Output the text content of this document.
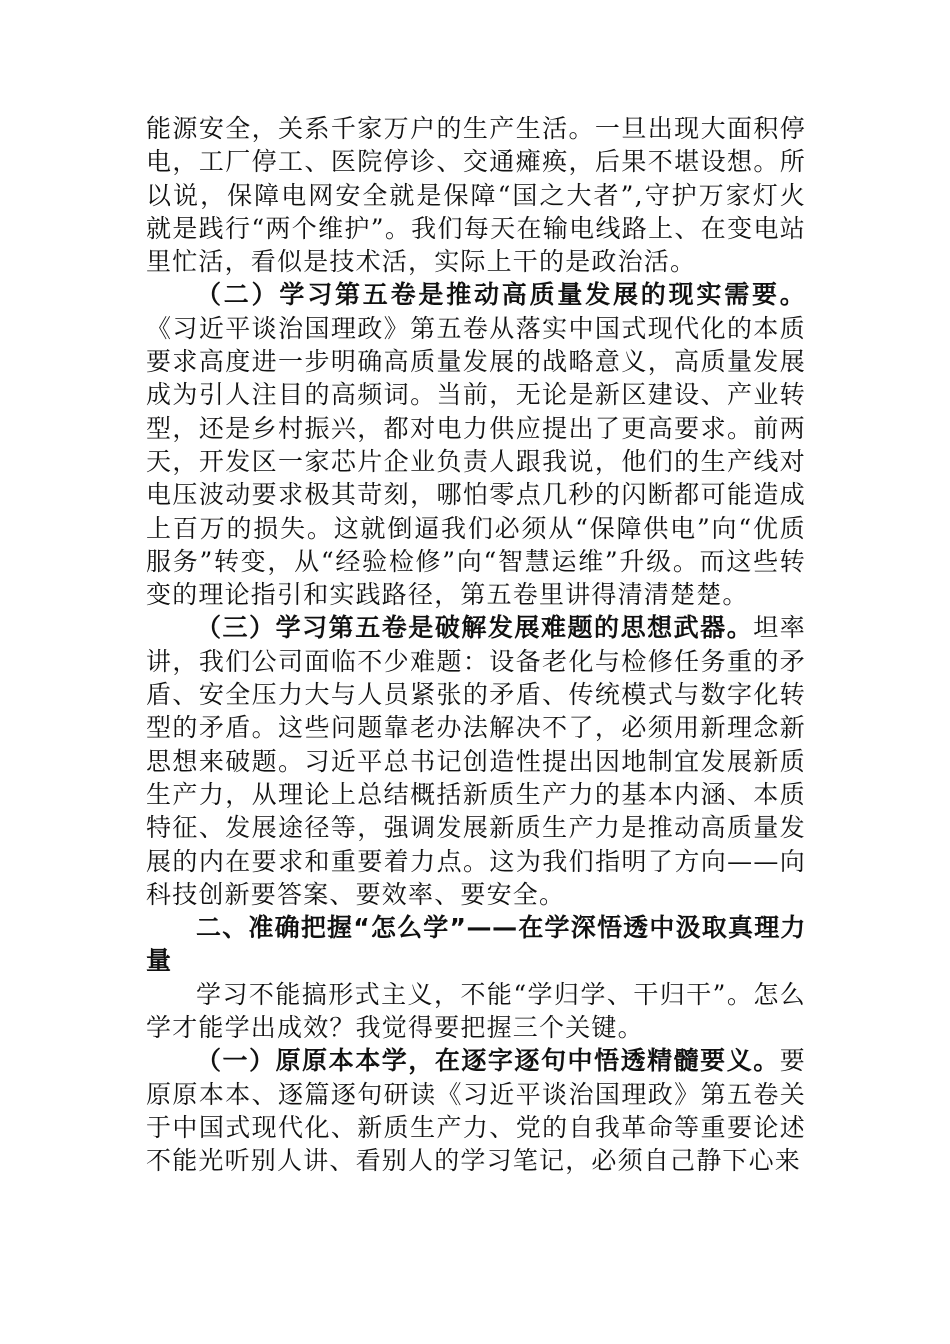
能源安全，关系千家万户的生产生活。一旦出现大面积停电，工厂停工、医院停诊、交通瘫痪，后果不堪设想。所以说，保障电网安全就是保障“国之大者”,守护万家灯火就是践行“两个维护”。我们每天在输电线路上、在变电站里忙活，看似是技术活，实际上干的是政治活。

（二）学习第五卷是推动高质量发展的现实需要。《习近平谈治国理政》第五卷从落实中国式现代化的本质要求高度进一步明确高质量发展的战略意义，高质量发展成为引人注目的高频词。当前，无论是新区建设、产业转型，还是乡村振兴，都对电力供应提出了更高要求。前两天，开发区一家芯片企业负责人跟我说，他们的生产线对电压波动要求极其苛刻，哪怕零点几秒的闪断都可能造成上百万的损失。这就倒逼我们必须从“保障供电”向“优质服务”转变，从“经验检修”向“智慧运维”升级。而这些转变的理论指引和实践路径，第五卷里讲得清清楚楚。

（三）学习第五卷是破解发展难题的思想武器。坦率讲，我们公司面临不少难题：设备老化与检修任务重的矛盾、安全压力大与人员紧张的矛盾、传统模式与数字化转型的矛盾。这些问题靠老办法解决不了，必须用新理念新思想来破题。习近平总书记创造性提出因地制宜发展新质生产力，从理论上总结概括新质生产力的基本内涵、本质特征、发展途径等，强调发展新质生产力是推动高质量发展的内在要求和重要着力点。这为我们指明了方向——向科技创新要答案、要效率、要安全。

二、准确把握“怎么学”——在学深悟透中汲取真理力量

学习不能搞形式主义，不能“学归学、干归干”。怎么学才能学出成效？我觉得要把握三个关键。

（一）原原本本学，在逐字逐句中悟透精髓要义。要原原本本、逐篇逐句研读《习近平谈治国理政》第五卷关于中国式现代化、新质生产力、党的自我革命等重要论述不能光听别人讲、看别人的学习笔记，必须自己静下心来
